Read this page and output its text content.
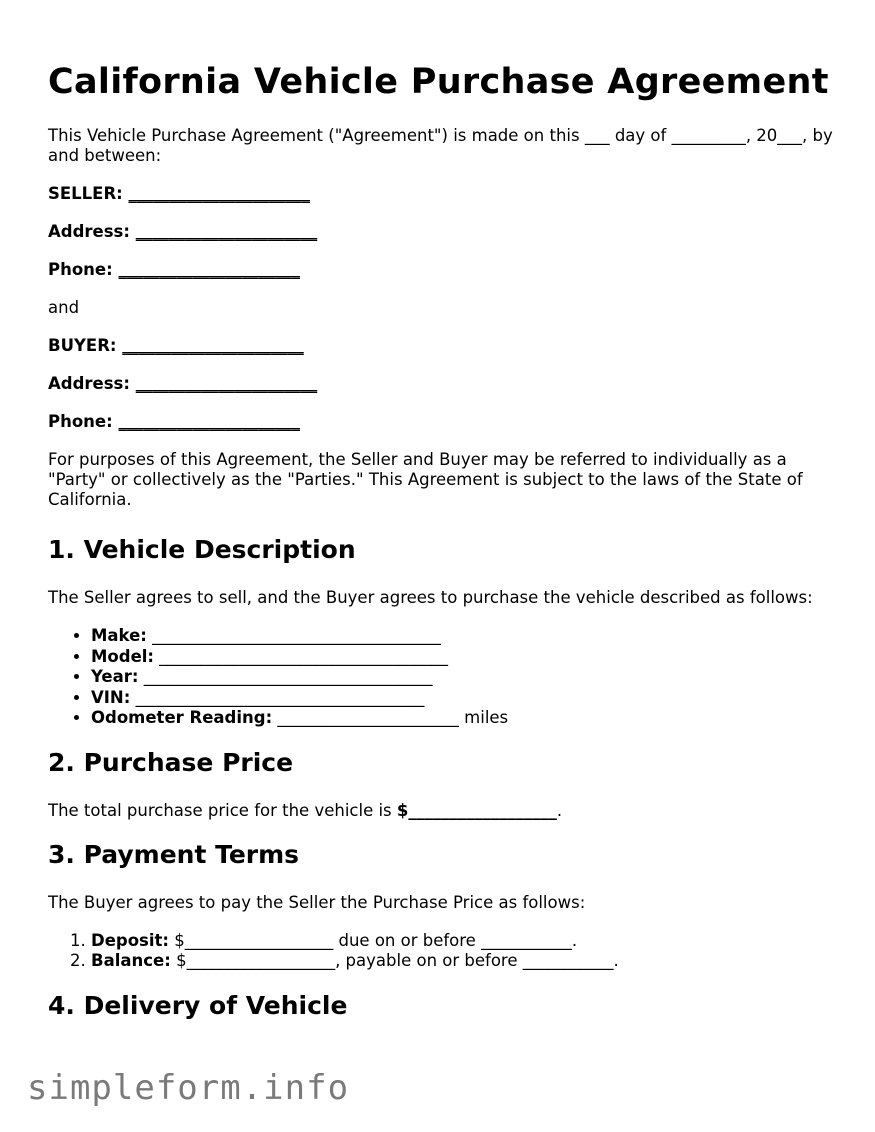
California Vehicle Purchase Agreement

This Vehicle Purchase Agreement ("Agreement") is made on this ___ day of _________, 20___, by and between:

SELLER: ______________________
Address: ______________________
Phone: ______________________

and

BUYER: ______________________
Address: ______________________
Phone: ______________________

For purposes of this Agreement, the Seller and Buyer may be referred to individually as a "Party" or collectively as the "Parties." This Agreement is subject to the laws of the State of California.

1. Vehicle Description

The Seller agrees to sell, and the Buyer agrees to purchase the vehicle described as follows:

• Make: ___________________________________
• Model: ___________________________________
• Year: ___________________________________
• VIN: ___________________________________
• Odometer Reading: ______________________ miles
2. Purchase Price

The total purchase price for the vehicle is $__________________.

3. Payment Terms

The Buyer agrees to pay the Seller the Purchase Price as follows:

1. Deposit: $__________________ due on or before ___________.
2. Balance: $__________________, payable on or before ___________.
4. Delivery of Vehicle
simpleform.info
